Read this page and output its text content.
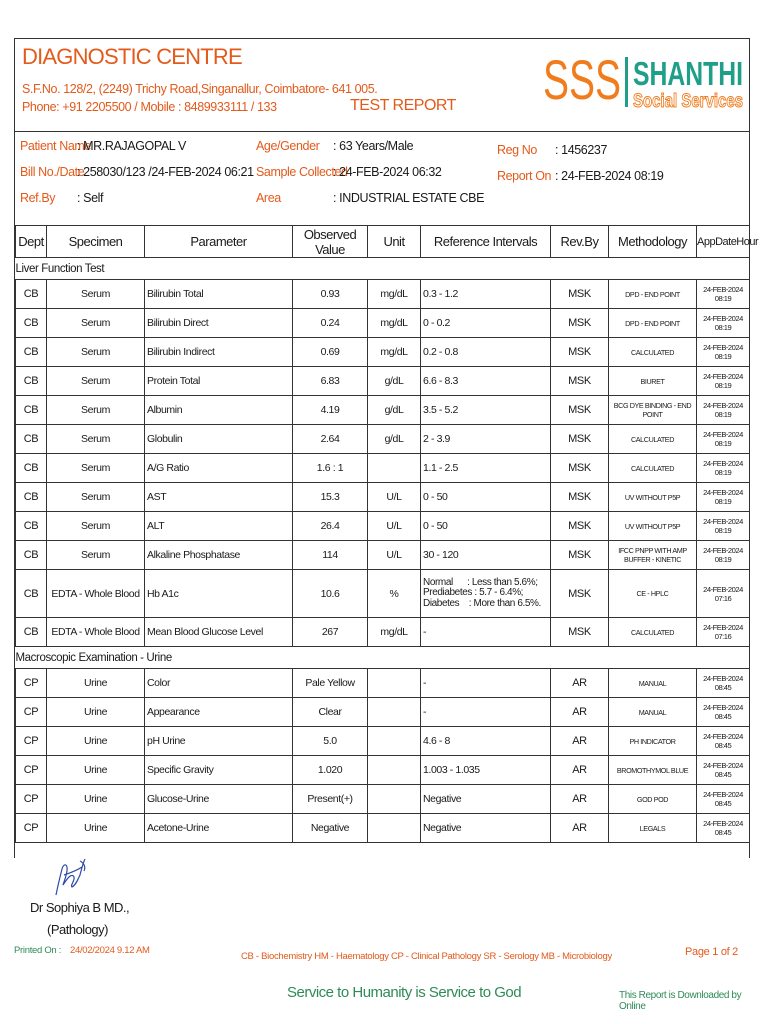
DIAGNOSTIC CENTRE
S.F.No. 128/2, (2249) Trichy Road,Singanallur, Coimbatore- 641 005.
Phone: +91 2205500 / Mobile : 8489933111 / 133	TEST REPORT SSS SHANTHI
Social Services
Patient Name
: MR.RAJAGOPAL V
Bill No./Date
: 258030/123 /24-FEB-2024 06:21
Ref.By : Self
Age/Gender : 63 Years/Male
Sample Collected
: 24-FEB-2024 06:32
Area	: INDUSTRIAL ESTATE CBE
Reg No : 1456237
Report On : 24-FEB-2024 08:19
Dept	Specimen	Parameter	Observed Value	Unit	Reference Intervals	Rev.By	Methodology	AppDateHour
Liver Function Test								
CB	Serum	Bilirubin Total	0.93	mg/dL	0.3 - 1.2	MSK	DPD - END POINT	24-FEB-2024 08:19
CB	Serum	Bilirubin Direct	0.24	mg/dL	0 - 0.2	MSK	DPD - END POINT	24-FEB-2024 08:19
CB	Serum	Bilirubin Indirect	0.69	mg/dL	0.2 - 0.8	MSK	CALCULATED	24-FEB-2024 08:19
CB	Serum	Protein Total	6.83	g/dL	6.6 - 8.3	MSK	BIURET	24-FEB-2024 08:19
CB	Serum	Albumin	4.19	g/dL	3.5 - 5.2	MSK	BCG DYE BINDING - END POINT	24-FEB-2024 08:19
CB	Serum	Globulin	2.64	g/dL	2 - 3.9	MSK	CALCULATED	24-FEB-2024 08:19
CB	Serum	A/G Ratio	1.6 : 1		1.1 - 2.5	MSK	CALCULATED	24-FEB-2024 08:19
CB	Serum	AST	15.3	U/L	0 - 50	MSK	UV WITHOUT P5P	24-FEB-2024 08:19
CB	Serum	ALT	26.4	U/L	0 - 50	MSK	UV WITHOUT P5P	24-FEB-2024 08:19
CB	Serum	Alkaline Phosphatase	114	U/L	30 - 120	MSK	IFCC PNPP WITH AMP BUFFER - KINETIC	24-FEB-2024 08:19
CB	EDTA - Whole Blood	Hb A1c	10.6	%	Normal      : Less than 5.6%;
Prediabetes : 5.7 - 6.4%;
Diabetes    : More than 6.5%.	MSK	CE - HPLC	24-FEB-2024 07:16
CB	EDTA - Whole Blood	Mean Blood Glucose Level	267	mg/dL	-	MSK	CALCULATED	24-FEB-2024 07:16
Macroscopic Examination - Urine								
CP	Urine	Color	Pale Yellow		-	AR	MANUAL	24-FEB-2024 08:45
CP	Urine	Appearance	Clear		-	AR	MANUAL	24-FEB-2024 08:45
CP	Urine	pH Urine	5.0		4.6 - 8	AR	PH INDICATOR	24-FEB-2024 08:45
CP	Urine	Specific Gravity	1.020		1.003 - 1.035	AR	BROMOTHYMOL BLUE	24-FEB-2024 08:45
CP	Urine	Glucose-Urine	Present(+)		Negative	AR	GOD POD	24-FEB-2024 08:45
CP	Urine	Acetone-Urine	Negative		Negative	AR	LEGALS	24-FEB-2024 08:45
Dr Sophiya B MD.,
(Pathology)
Printed On : 24/02/2024 9.12 AM
CB - Biochemistry HM - Haematology CP - Clinical Pathology SR - Serology MB - Microbiology	Page 1 of 2
Service to Humanity is Service to God	This Report is Downloaded by Online
